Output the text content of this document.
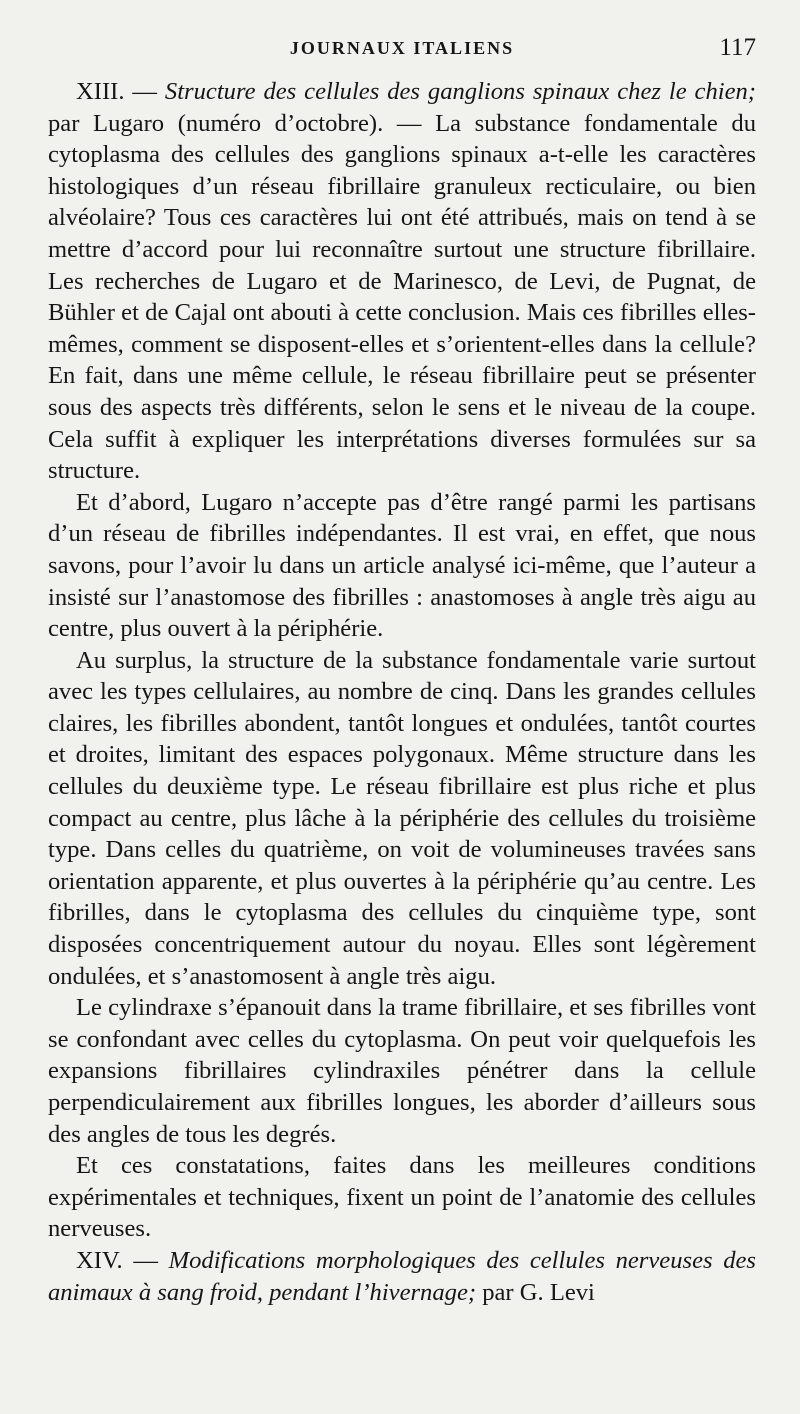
JOURNAUX ITALIENS	117

XIII. — Structure des cellules des ganglions spinaux chez le chien; par Lugaro (numéro d’octobre). — La substance fondamentale du cytoplasma des cellules des ganglions spinaux a-t-elle les caractères histologiques d’un réseau fibrillaire granuleux recticulaire, ou bien alvéolaire? Tous ces caractères lui ont été attribués, mais on tend à se mettre d’accord pour lui reconnaître surtout une structure fibrillaire. Les recherches de Lugaro et de Marinesco, de Levi, de Pugnat, de Bühler et de Cajal ont abouti à cette conclusion. Mais ces fibrilles elles-mêmes, comment se disposent-elles et s’orientent-elles dans la cellule? En fait, dans une même cellule, le réseau fibrillaire peut se présenter sous des aspects très différents, selon le sens et le niveau de la coupe. Cela suffit à expliquer les interprétations diverses formulées sur sa structure.

Et d’abord, Lugaro n’accepte pas d’être rangé parmi les partisans d’un réseau de fibrilles indépendantes. Il est vrai, en effet, que nous savons, pour l’avoir lu dans un article analysé ici-même, que l’auteur a insisté sur l’anastomose des fibrilles : anastomoses à angle très aigu au centre, plus ouvert à la périphérie.

Au surplus, la structure de la substance fondamentale varie surtout avec les types cellulaires, au nombre de cinq. Dans les grandes cellules claires, les fibrilles abondent, tantôt longues et ondulées, tantôt courtes et droites, limitant des espaces polygonaux. Même structure dans les cellules du deuxième type. Le réseau fibrillaire est plus riche et plus compact au centre, plus lâche à la périphérie des cellules du troisième type. Dans celles du quatrième, on voit de volumineuses travées sans orientation apparente, et plus ouvertes à la périphérie qu’au centre. Les fibrilles, dans le cytoplasma des cellules du cinquième type, sont disposées concentriquement autour du noyau. Elles sont légèrement ondulées, et s’anastomosent à angle très aigu.

Le cylindraxe s’épanouit dans la trame fibrillaire, et ses fibrilles vont se confondant avec celles du cytoplasma. On peut voir quelquefois les expansions fibrillaires cylindraxiles pénétrer dans la cellule perpendiculairement aux fibrilles longues, les aborder d’ailleurs sous des angles de tous les degrés.

Et ces constatations, faites dans les meilleures conditions expérimentales et techniques, fixent un point de l’anatomie des cellules nerveuses.

XIV. — Modifications morphologiques des cellules nerveuses des animaux à sang froid, pendant l’hivernage; par G. Levi
